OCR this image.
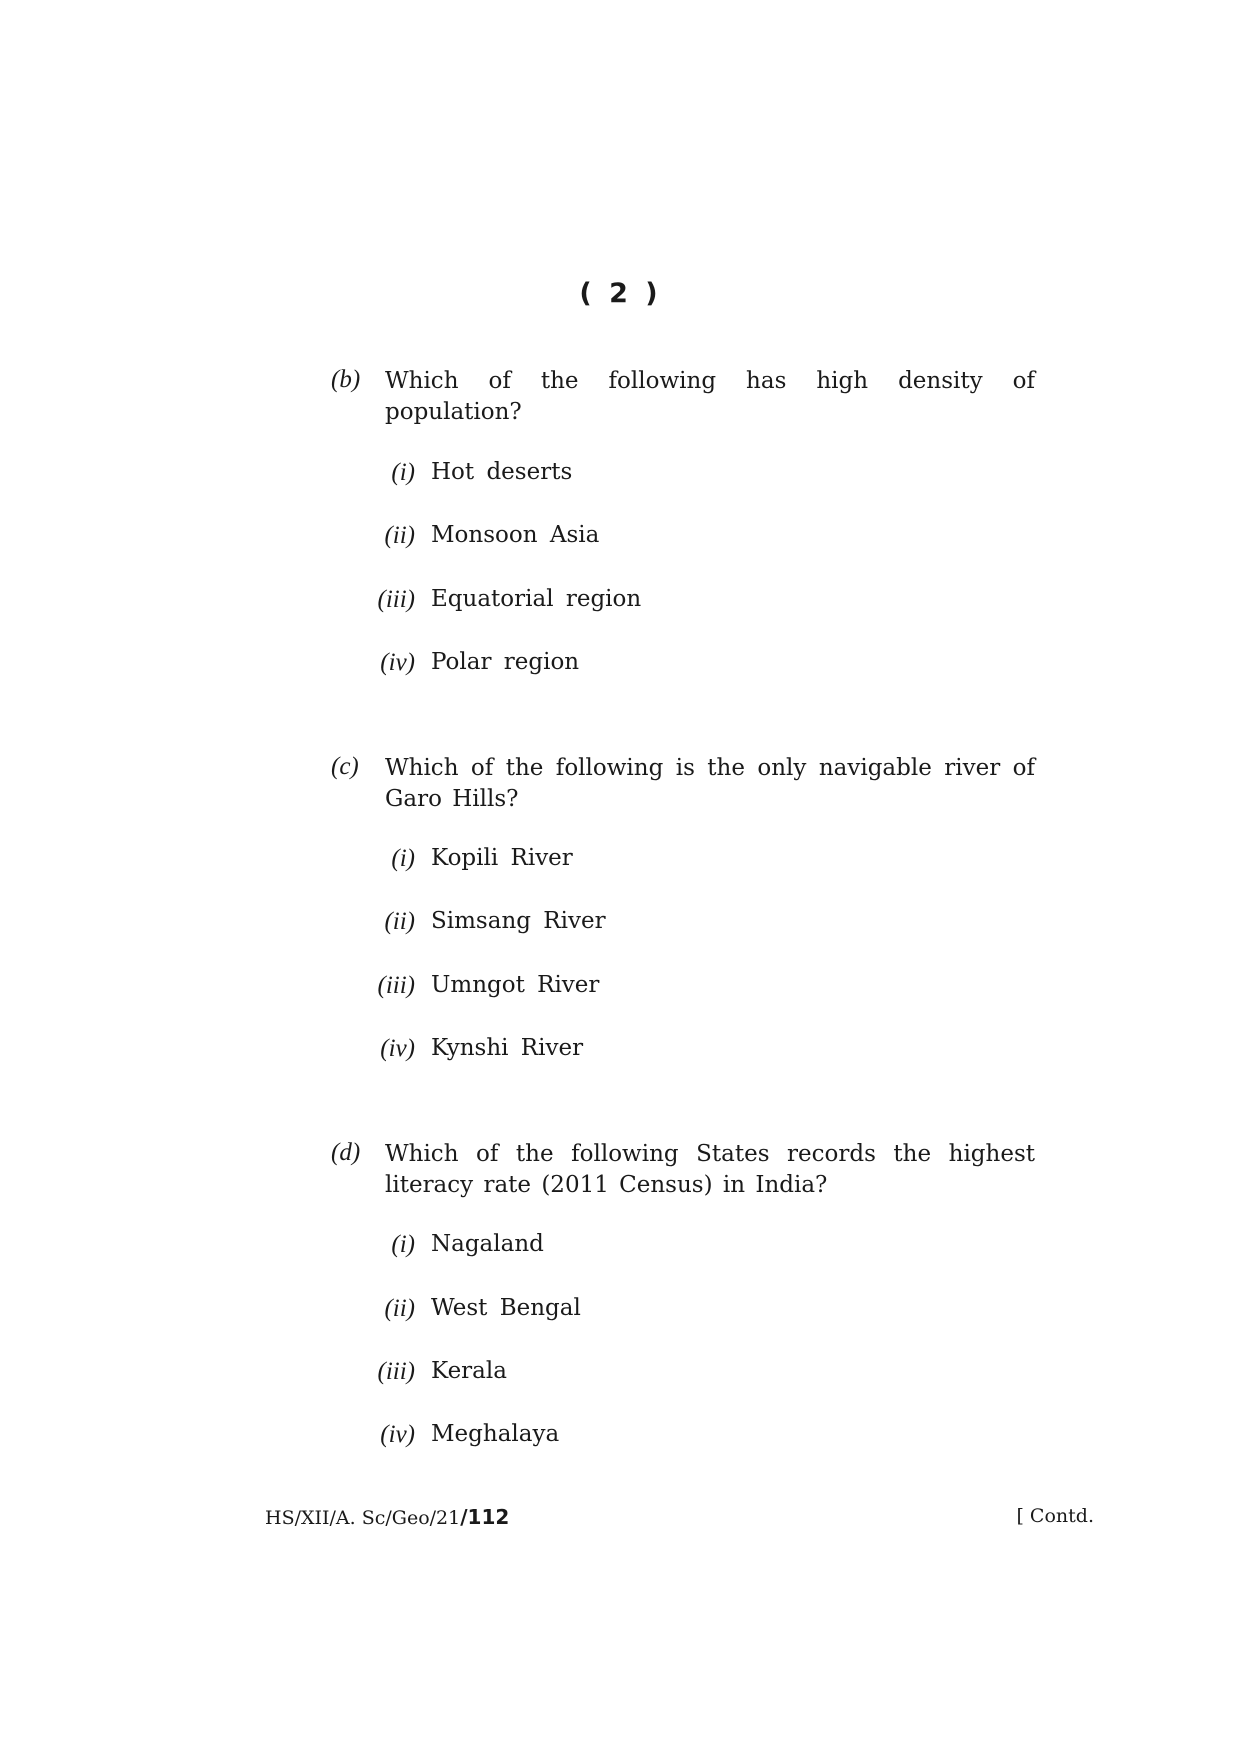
( 2 )
(b) Which of the following has high density of
population?
(i) Hot deserts
(ii) Monsoon Asia
(iii) Equatorial region
(iv) Polar region
(c) Which of the following is the only navigable river of
Garo Hills?
(i) Kopili River
(ii) Simsang River
(iii) Umngot River
(iv) Kynshi River
(d) Which of the following States records the highest
literacy rate (2011 Census) in India?
(i) Nagaland
(ii) West Bengal
(iii) Kerala
(iv) Meghalaya
HS/XII/A. Sc/Geo/21/112	[ Contd.
